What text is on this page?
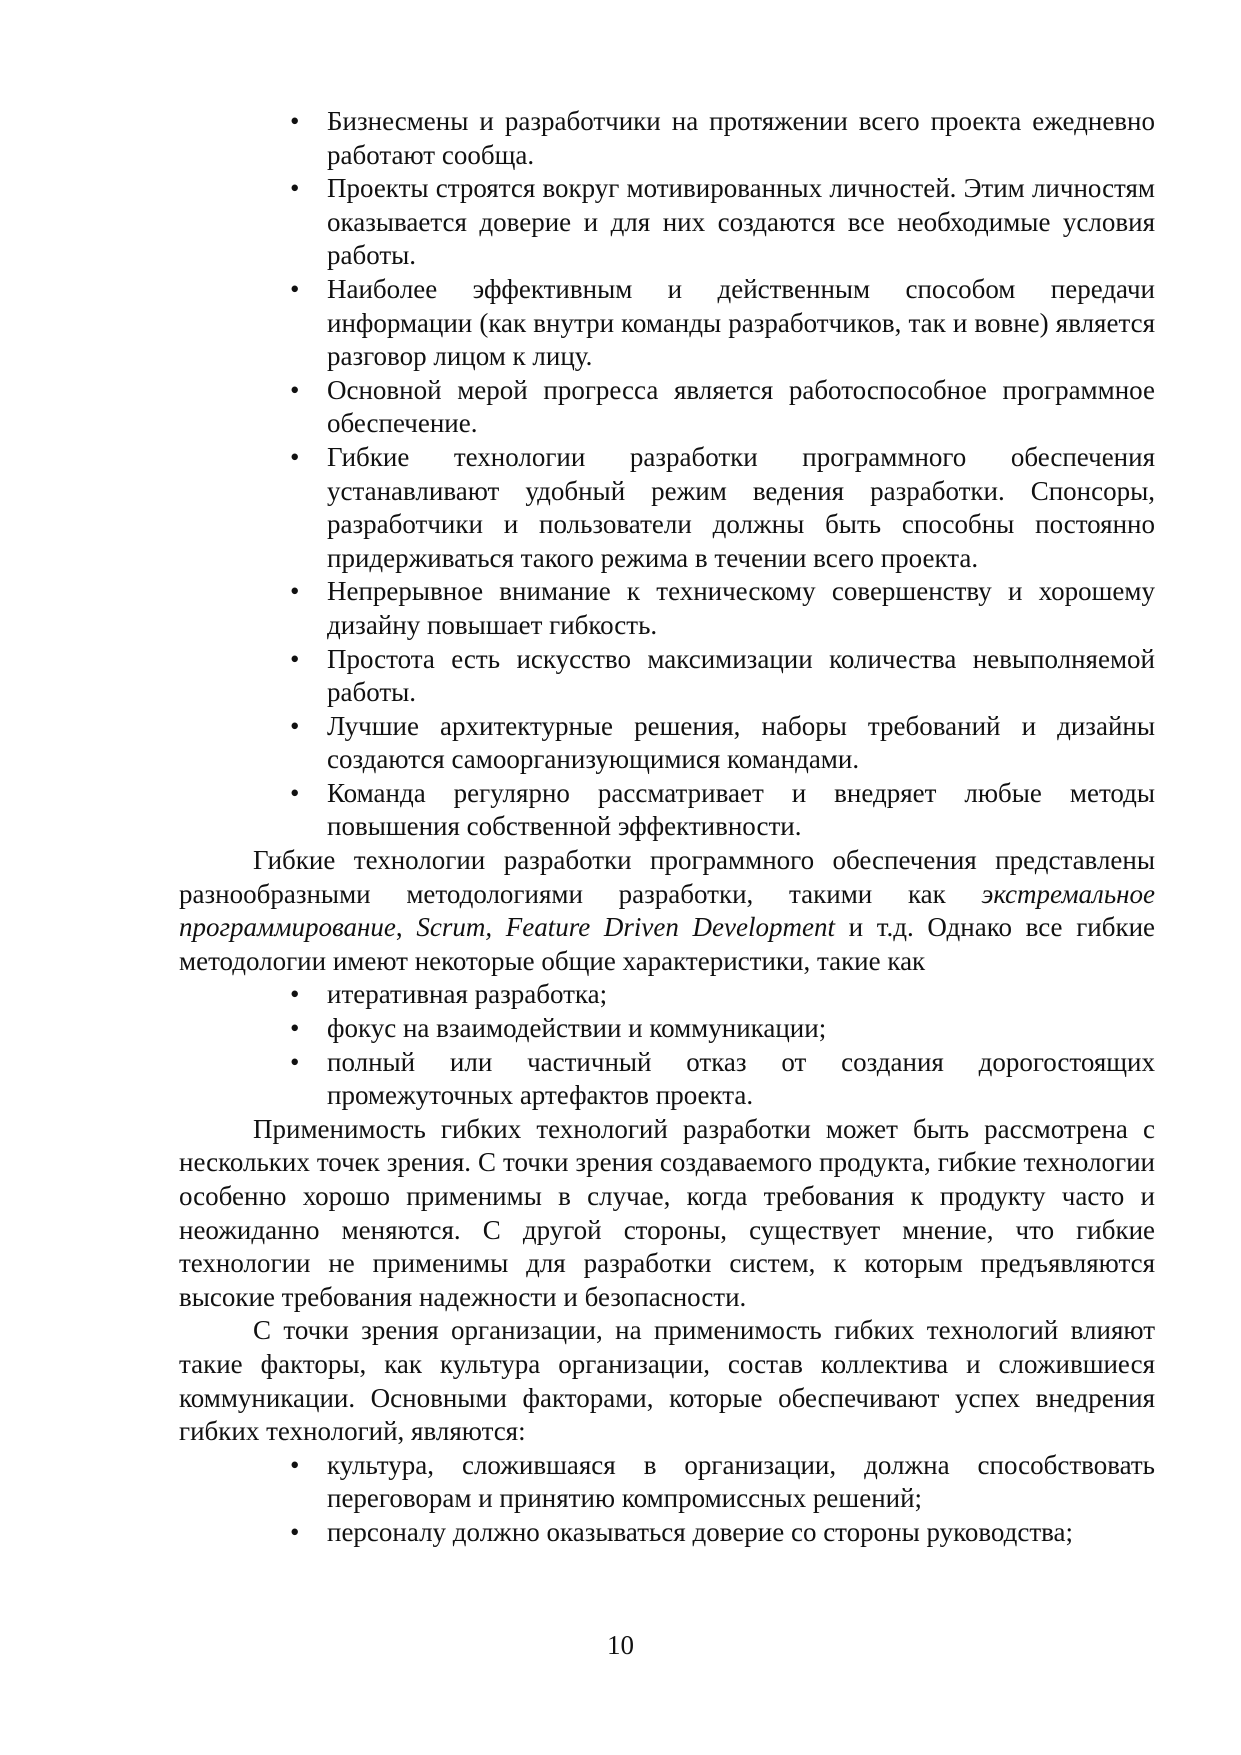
• Бизнесмены и разработчики на протяжении всего проекта ежедневно работают сообща.
• Проекты строятся вокруг мотивированных личностей. Этим личностям оказывается доверие и для них создаются все необходимые условия работы.
• Наиболее эффективным и действенным способом передачи информации (как внутри команды разработчиков, так и вовне) является разговор лицом к лицу.
• Основной мерой прогресса является работоспособное программное обеспечение.
• Гибкие технологии разработки программного обеспечения устанавливают удобный режим ведения разработки. Спонсоры, разработчики и пользователи должны быть способны постоянно придерживаться такого режима в течении всего проекта.
• Непрерывное внимание к техническому совершенству и хорошему дизайну повышает гибкость.
• Простота есть искусство максимизации количества невыполняемой работы.
• Лучшие архитектурные решения, наборы требований и дизайны создаются самоорганизующимися командами.
• Команда регулярно рассматривает и внедряет любые методы повышения собственной эффективности.

Гибкие технологии разработки программного обеспечения представлены разнообразными методологиями разработки, такими как экстремальное программирование, Scrum, Feature Driven Development и т.д. Однако все гибкие методологии имеют некоторые общие характеристики, такие как

• итеративная разработка;
• фокус на взаимодействии и коммуникации;
• полный или частичный отказ от создания дорогостоящих промежуточных артефактов проекта.

Применимость гибких технологий разработки может быть рассмотрена с нескольких точек зрения. С точки зрения создаваемого продукта, гибкие технологии особенно хорошо применимы в случае, когда требования к продукту часто и неожиданно меняются. С другой стороны, существует мнение, что гибкие технологии не применимы для разработки систем, к которым предъявляются высокие требования надежности и безопасности.

С точки зрения организации, на применимость гибких технологий влияют такие факторы, как культура организации, состав коллектива и сложившиеся коммуникации. Основными факторами, которые обеспечивают успех внедрения гибких технологий, являются:

• культура, сложившаяся в организации, должна способствовать переговорам и принятию компромиссных решений;
• персоналу должно оказываться доверие со стороны руководства;
10
